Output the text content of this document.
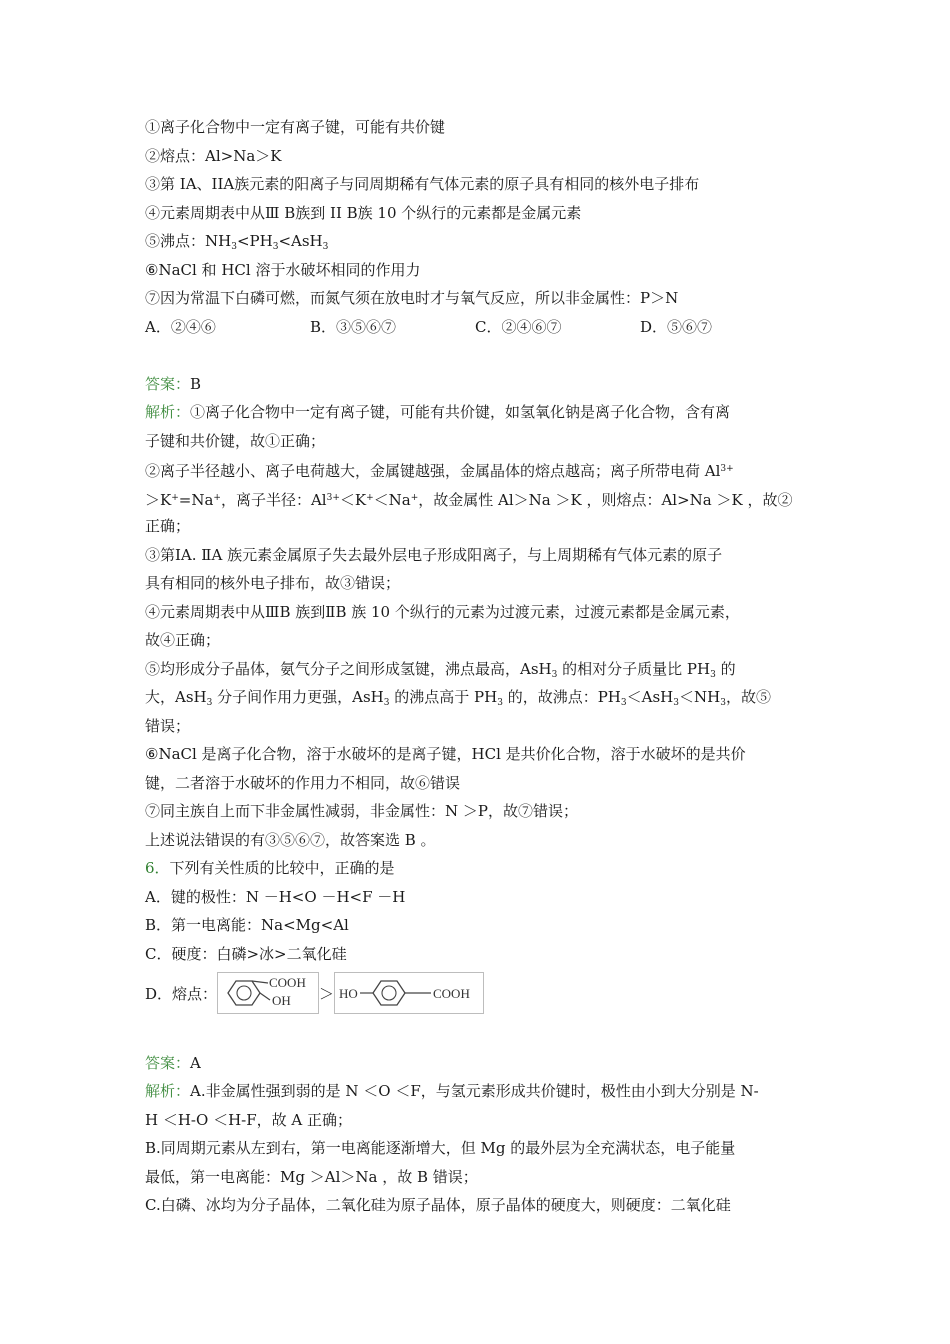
①离子化合物中一定有离子键，可能有共价键
②熔点：Al>Na＞K
③第 IA、IIA族元素的阳离子与同周期稀有气体元素的原子具有相同的核外电子排布
④元素周期表中从Ⅲ B族到 II B族 10 个纵行的元素都是金属元素
⑤沸点：$NH_3<PH_3<AsH_3$
⑥NaCl 和 HCl 溶于水破坏相同的作用力
⑦因为常温下白磷可燃，而氮气须在放电时才与氧气反应，所以非金属性：P＞N
A．②④⑥	B．③⑤⑥⑦	C．②④⑥⑦	D．⑤⑥⑦
答案：B
解析：①离子化合物中一定有离子键，可能有共价键，如氢氧化钠是离子化合物，含有离
子键和共价键，故①正确；
②离子半径越小、离子电荷越大，金属键越强，金属晶体的熔点越高；离子所带电荷 $Al^{3+}$
＞K+=Na+，离子半径：$Al^{3+}<K^+<Na^+$，故金属性 Al＞Na ＞K ，则熔点：Al>Na ＞K ，故②
正确；
③第ⅠA. ⅡA 族元素金属原子失去最外层电子形成阳离子，与上周期稀有气体元素的原子
具有相同的核外电子排布，故③错误；
④元素周期表中从ⅢB 族到ⅡB 族 10 个纵行的元素为过渡元素，过渡元素都是金属元素，
故④正确；
⑤均形成分子晶体，氨气分子之间形成氢键，沸点最高，AsH$_3$ 的相对分子质量比 $PH_3$ 的
大，AsH$_3$ 分子间作用力更强，AsH$_3$ 的沸点高于 $PH_3$ 的，故沸点：$PH_3<AsH_3<NH_3$，故⑤
错误；
⑥NaCl 是离子化合物，溶于水破坏的是离子键，HCl 是共价化合物，溶于水破坏的是共价
键，二者溶于水破坏的作用力不相同，故⑥错误
⑦同主族自上而下非金属性减弱，非金属性：N ＞P，故⑦错误；
上述说法错误的有③⑤⑥⑦，故答案选 B 。
6．下列有关性质的比较中，正确的是
A．键的极性：N －H<O －H<F －H
B．第一电离能：Na<Mg<Al
C．硬度：白磷>冰>二氧化硅
D．熔点：
COOH
OH ＞ HO	COOH
答案：A
解析：A.非金属性强到弱的是 N ＜O ＜F，与氢元素形成共价键时，极性由小到大分别是 N-
H ＜H-O ＜H-F，故 A 正确；
B.同周期元素从左到右，第一电离能逐渐增大，但 Mg 的最外层为全充满状态，电子能量
最低，第一电离能：Mg ＞Al＞Na ，故 B 错误；
C.白磷、冰均为分子晶体，二氧化硅为原子晶体，原子晶体的硬度大，则硬度：二氧化硅
